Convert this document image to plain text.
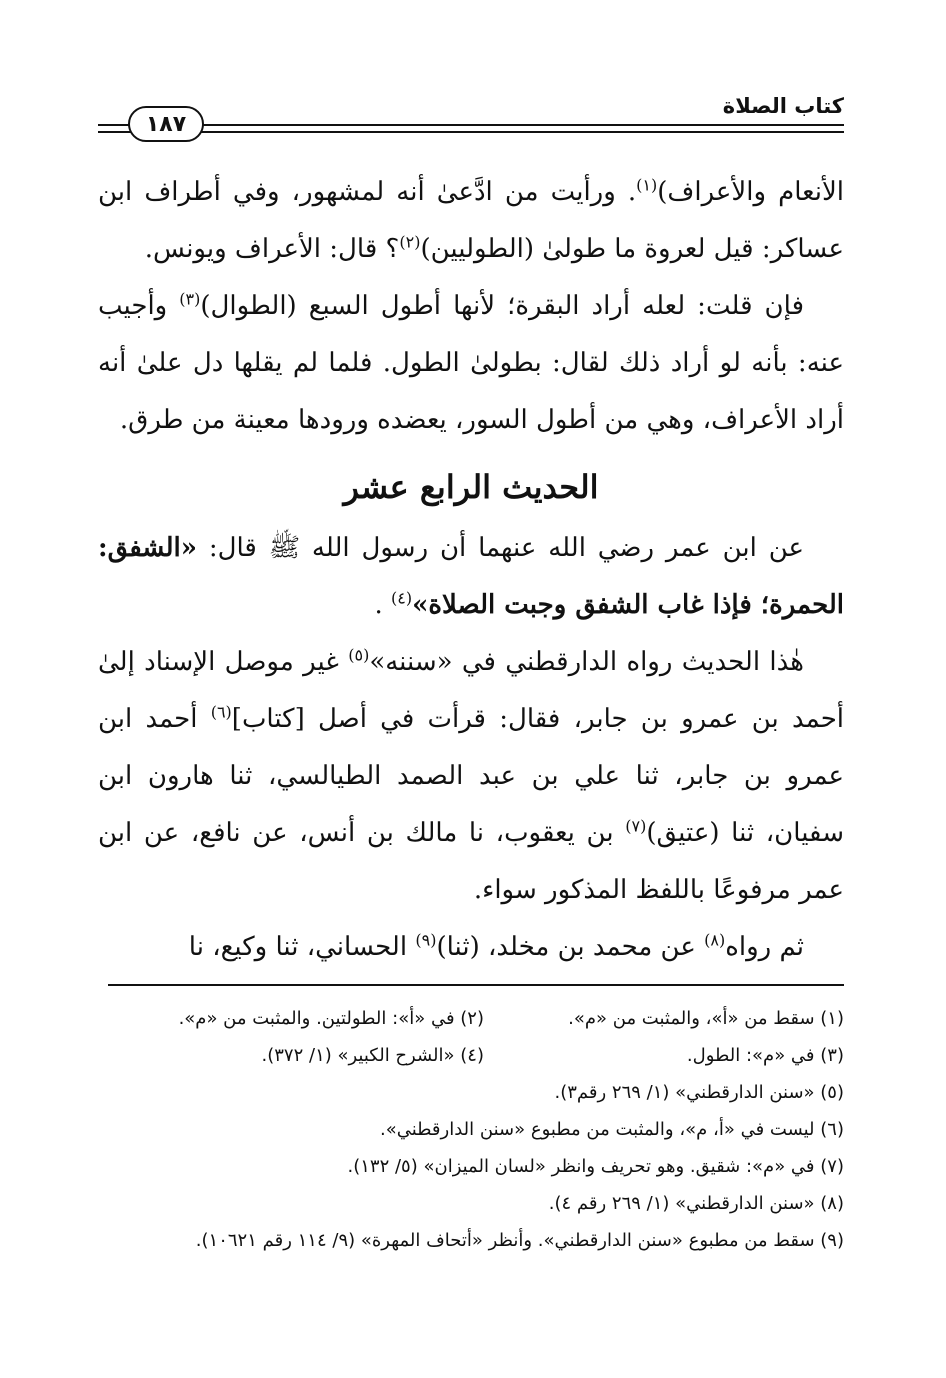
كتاب الصلاة
١٨٧

الأنعام والأعراف)$^{(١)}$. ورأيت من ادَّعىٰ أنه لمشهور، وفي أطراف ابن عساكر: قيل لعروة ما طولىٰ (الطوليين)$^{(٢)}$؟ قال: الأعراف ويونس.

فإن قلت: لعله أراد البقرة؛ لأنها أطول السبع (الطوال)$^{(٣)}$ وأجيب عنه: بأنه لو أراد ذلك لقال: بطولىٰ الطول. فلما لم يقلها دل علىٰ أنه أراد الأعراف، وهي من أطول السور، يعضده ورودها معينة من طرق.

الحديث الرابع عشر

عن ابن عمر رضي الله عنهما أن رسول الله ﷺ قال: «الشفق: الحمرة؛ فإذا غاب الشفق وجبت الصلاة»$^{(٤)}$ .

هٰذا الحديث رواه الدارقطني في «سننه»$^{(٥)}$ غير موصل الإسناد إلىٰ أحمد بن عمرو بن جابر، فقال: قرأت في أصل [كتاب]$^{(٦)}$ أحمد ابن عمرو بن جابر، ثنا علي بن عبد الصمد الطيالسي، ثنا هارون ابن سفيان، ثنا (عتيق)$^{(٧)}$ بن يعقوب، نا مالك بن أنس، عن نافع، عن ابن عمر مرفوعًا باللفظ المذكور سواء.

ثم رواه$^{(٨)}$ عن محمد بن مخلد، (ثنا)$^{(٩)}$ الحساني، ثنا وكيع، نا

(١) سقط من «أ»، والمثبت من «م».
(٢) في «أ»: الطولتين. والمثبت من «م».
(٣) في «م»: الطول.
(٤) «الشرح الكبير» (١/ ٣٧٢).
(٥) «سنن الدارقطني» (١/ ٢٦٩ رقم٣).
(٦) ليست في «أ، م»، والمثبت من مطبوع «سنن الدارقطني».
(٧) في «م»: شقيق. وهو تحريف وانظر «لسان الميزان» (٥/ ١٣٢).
(٨) «سنن الدارقطني» (١/ ٢٦٩ رقم ٤).
(٩) سقط من مطبوع «سنن الدارقطني». وأنظر «أتحاف المهرة» (٩/ ١١٤ رقم ١٠٦٢١).
